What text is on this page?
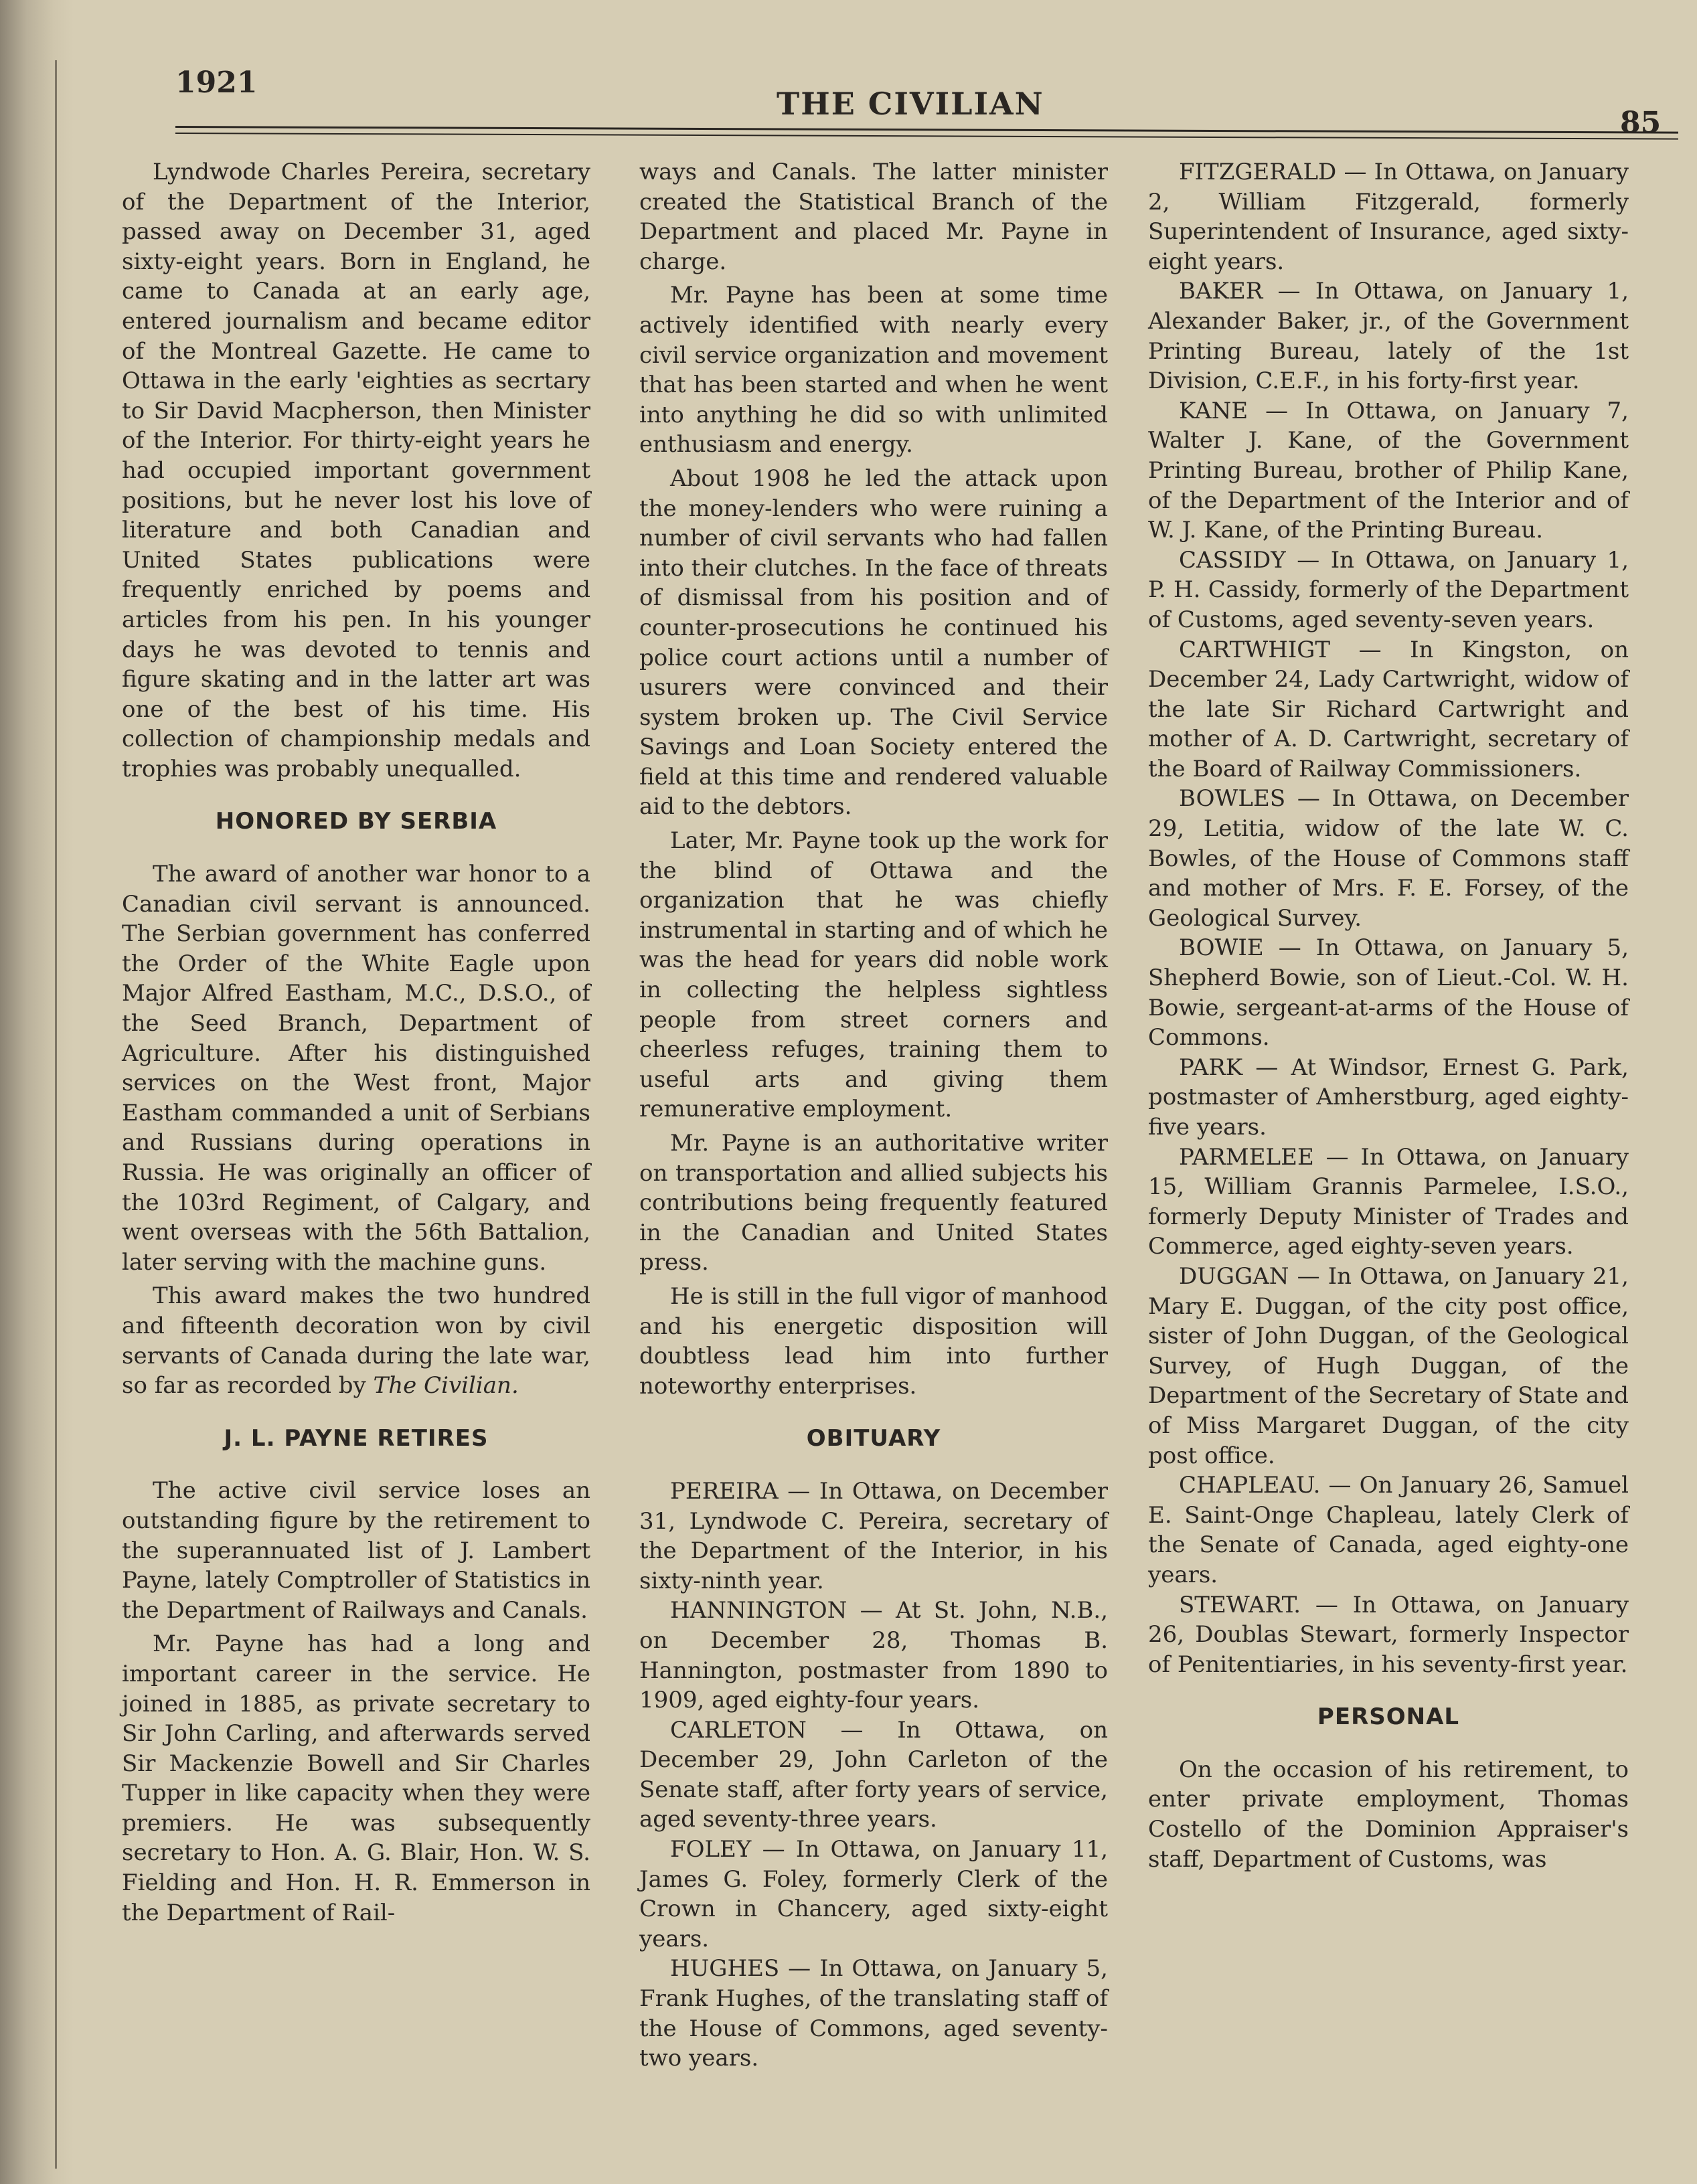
1921
THE CIVILIAN
85

Lyndwode Charles Pereira, secretary of the Department of the Interior, passed away on December 31, aged sixty-eight years. Born in England, he came to Canada at an early age, entered journalism and became editor of the Montreal Gazette. He came to Ottawa in the early 'eighties as secrtary to Sir David Macpherson, then Minister of the Interior. For thirty-eight years he had occupied important government positions, but he never lost his love of literature and both Canadian and United States publications were frequently enriched by poems and articles from his pen. In his younger days he was devoted to tennis and figure skating and in the latter art was one of the best of his time. His collection of championship medals and trophies was probably unequalled.

HONORED BY SERBIA

The award of another war honor to a Canadian civil servant is announced. The Serbian government has conferred the Order of the White Eagle upon Major Alfred Eastham, M.C., D.S.O., of the Seed Branch, Department of Agriculture. After his distinguished services on the West front, Major Eastham commanded a unit of Serbians and Russians during operations in Russia. He was originally an officer of the 103rd Regiment, of Calgary, and went overseas with the 56th Battalion, later serving with the machine guns.

This award makes the two hundred and fifteenth decoration won by civil servants of Canada during the late war, so far as recorded by The Civilian.

J. L. PAYNE RETIRES

The active civil service loses an outstanding figure by the retirement to the superannuated list of J. Lambert Payne, lately Comptroller of Statistics in the Department of Railways and Canals.

Mr. Payne has had a long and important career in the service. He joined in 1885, as private secretary to Sir John Carling, and afterwards served Sir Mackenzie Bowell and Sir Charles Tupper in like capacity when they were premiers. He was subsequently secretary to Hon. A. G. Blair, Hon. W. S. Fielding and Hon. H. R. Emmerson in the Department of Rail-

ways and Canals. The latter minister created the Statistical Branch of the Department and placed Mr. Payne in charge.

Mr. Payne has been at some time actively identified with nearly every civil service organization and movement that has been started and when he went into anything he did so with unlimited enthusiasm and energy.

About 1908 he led the attack upon the money-lenders who were ruining a number of civil servants who had fallen into their clutches. In the face of threats of dismissal from his position and of counter-prosecutions he continued his police court actions until a number of usurers were convinced and their system broken up. The Civil Service Savings and Loan Society entered the field at this time and rendered valuable aid to the debtors.

Later, Mr. Payne took up the work for the blind of Ottawa and the organization that he was chiefly instrumental in starting and of which he was the head for years did noble work in collecting the helpless sightless people from street corners and cheerless refuges, training them to useful arts and giving them remunerative employment.

Mr. Payne is an authoritative writer on transportation and allied subjects his contributions being frequently featured in the Canadian and United States press.

He is still in the full vigor of manhood and his energetic disposition will doubtless lead him into further noteworthy enterprises.

OBITUARY

PEREIRA — In Ottawa, on December 31, Lyndwode C. Pereira, secretary of the Department of the Interior, in his sixty-ninth year.

HANNINGTON — At St. John, N.B., on December 28, Thomas B. Hannington, postmaster from 1890 to 1909, aged eighty-four years.

CARLETON — In Ottawa, on December 29, John Carleton of the Senate staff, after forty years of service, aged seventy-three years.

FOLEY — In Ottawa, on January 11, James G. Foley, formerly Clerk of the Crown in Chancery, aged sixty-eight years.

HUGHES — In Ottawa, on January 5, Frank Hughes, of the translating staff of the House of Commons, aged seventy-two years.

FITZGERALD — In Ottawa, on January 2, William Fitzgerald, formerly Superintendent of Insurance, aged sixty-eight years.

BAKER — In Ottawa, on January 1, Alexander Baker, jr., of the Government Printing Bureau, lately of the 1st Division, C.E.F., in his forty-first year.

KANE — In Ottawa, on January 7, Walter J. Kane, of the Government Printing Bureau, brother of Philip Kane, of the Department of the Interior and of W. J. Kane, of the Printing Bureau.

CASSIDY — In Ottawa, on January 1, P. H. Cassidy, formerly of the Department of Customs, aged seventy-seven years.

CARTWHIGT — In Kingston, on December 24, Lady Cartwright, widow of the late Sir Richard Cartwright and mother of A. D. Cartwright, secretary of the Board of Railway Commissioners.

BOWLES — In Ottawa, on December 29, Letitia, widow of the late W. C. Bowles, of the House of Commons staff and mother of Mrs. F. E. Forsey, of the Geological Survey.

BOWIE — In Ottawa, on January 5, Shepherd Bowie, son of Lieut.-Col. W. H. Bowie, sergeant-at-arms of the House of Commons.

PARK — At Windsor, Ernest G. Park, postmaster of Amherstburg, aged eighty-five years.

PARMELEE — In Ottawa, on January 15, William Grannis Parmelee, I.S.O., formerly Deputy Minister of Trades and Commerce, aged eighty-seven years.

DUGGAN — In Ottawa, on January 21, Mary E. Duggan, of the city post office, sister of John Duggan, of the Geological Survey, of Hugh Duggan, of the Department of the Secretary of State and of Miss Margaret Duggan, of the city post office.

CHAPLEAU. — On January 26, Samuel E. Saint-Onge Chapleau, lately Clerk of the Senate of Canada, aged eighty-one years.

STEWART. — In Ottawa, on January 26, Doublas Stewart, formerly Inspector of Penitentiaries, in his seventy-first year.

PERSONAL

On the occasion of his retirement, to enter private employment, Thomas Costello of the Dominion Appraiser's staff, Department of Customs, was
